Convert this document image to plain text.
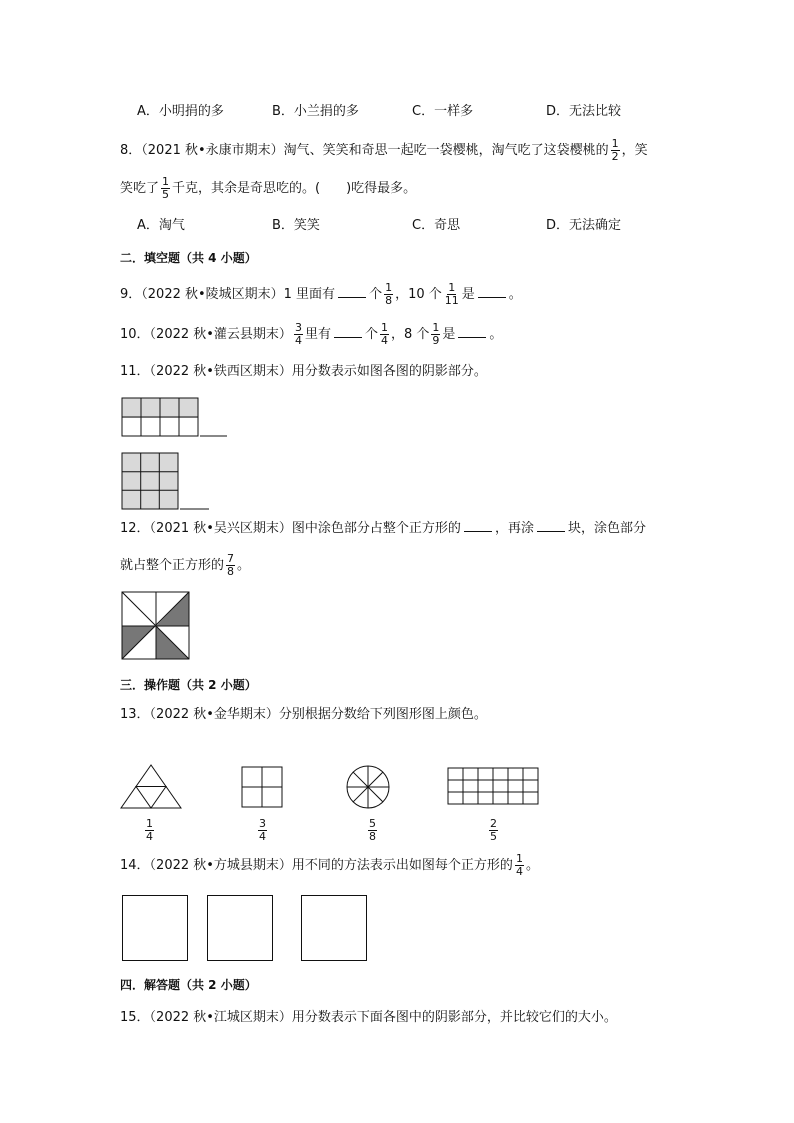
A．小明捐的多	B．小兰捐的多	C．一样多	D．无法比较
8．（2021 秋•永康市期末）淘气、笑笑和奇思一起吃一袋樱桃，淘气吃了这袋樱桃的 $\frac{1}{2}$ ，笑
笑吃了 $\frac{1}{5}$ 千克，其余是奇思吃的。(　　)吃得最多。
A．淘气	B．笑笑	C．奇思	D．无法确定
二．填空题（共 4 小题）
9．（2022 秋•陵城区期末）1 里面有	个 $\frac{1}{8}$ ，10 个 $\frac{1}{11}$ 是	。
10．（2022 秋•灌云县期末） $\frac{3}{4}$ 里有	个 $\frac{1}{4}$ ，8 个 $\frac{1}{9}$ 是	。
11．（2022 秋•铁西区期末）用分数表示如图各图的阴影部分。
12．（2021 秋•吴兴区期末）图中涂色部分占整个正方形的	，再涂	块，涂色部分
就占整个正方形的 $\frac{7}{8}$ 。
三．操作题（共 2 小题）
13．（2022 秋•金华期末）分别根据分数给下列图形图上颜色。
$\frac{1}{4}$	$\frac{3}{4}$	$\frac{5}{8}$	$\frac{2}{5}$
14．（2022 秋•方城县期末）用不同的方法表示出如图每个正方形的 $\frac{1}{4}$ 。
四．解答题（共 2 小题）
15．（2022 秋•江城区期末）用分数表示下面各图中的阴影部分，并比较它们的大小。
